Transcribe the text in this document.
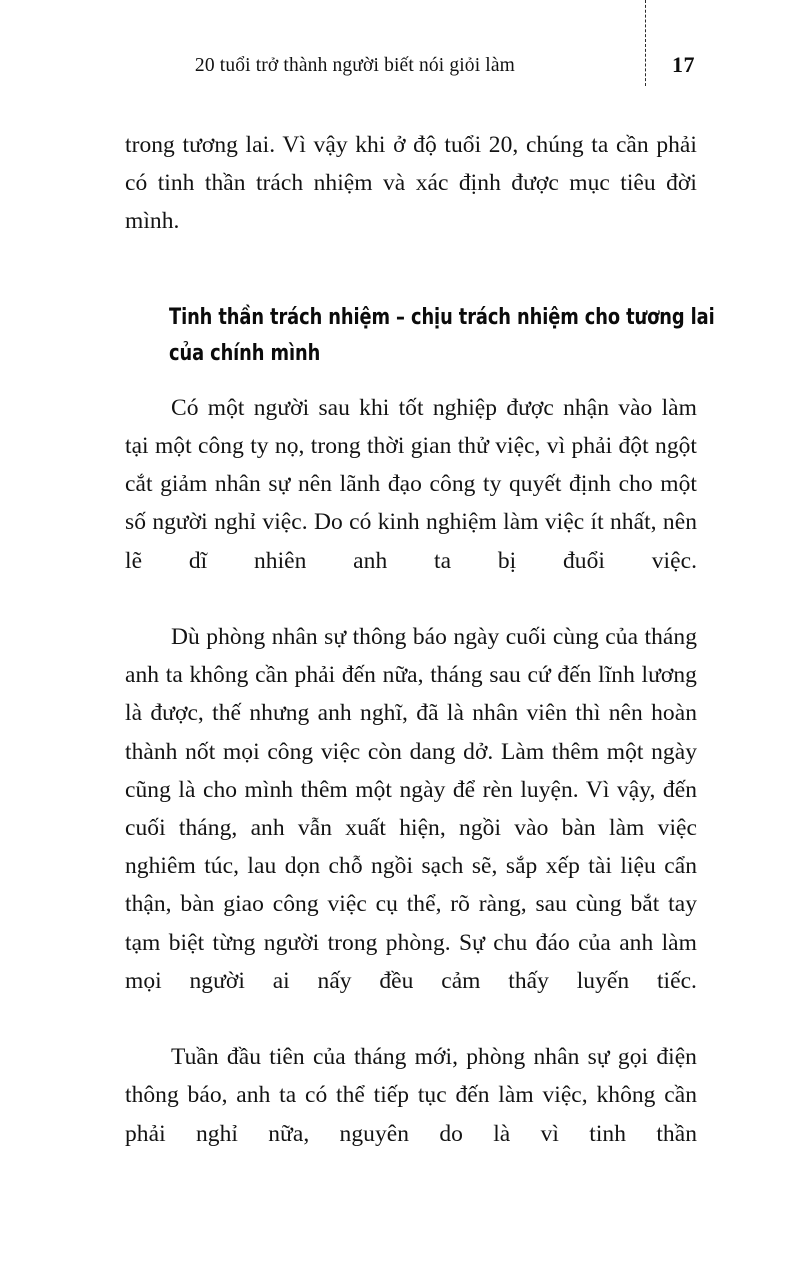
20 tuổi trở thành người biết nói giỏi làm	17

trong tương lai. Vì vậy khi ở độ tuổi 20, chúng ta cần phải có tinh thần trách nhiệm và xác định được mục tiêu đời mình.

Tinh thần trách nhiệm – chịu trách nhiệm cho tương lai của chính mình

Có một người sau khi tốt nghiệp được nhận vào làm tại một công ty nọ, trong thời gian thử việc, vì phải đột ngột cắt giảm nhân sự nên lãnh đạo công ty quyết định cho một số người nghỉ việc. Do có kinh nghiệm làm việc ít nhất, nên lẽ dĩ nhiên anh ta bị đuổi việc.

Dù phòng nhân sự thông báo ngày cuối cùng của tháng anh ta không cần phải đến nữa, tháng sau cứ đến lĩnh lương là được, thế nhưng anh nghĩ, đã là nhân viên thì nên hoàn thành nốt mọi công việc còn dang dở. Làm thêm một ngày cũng là cho mình thêm một ngày để rèn luyện. Vì vậy, đến cuối tháng, anh vẫn xuất hiện, ngồi vào bàn làm việc nghiêm túc, lau dọn chỗ ngồi sạch sẽ, sắp xếp tài liệu cẩn thận, bàn giao công việc cụ thể, rõ ràng, sau cùng bắt tay tạm biệt từng người trong phòng. Sự chu đáo của anh làm mọi người ai nấy đều cảm thấy luyến tiếc.

Tuần đầu tiên của tháng mới, phòng nhân sự gọi điện thông báo, anh ta có thể tiếp tục đến làm việc, không cần phải nghỉ nữa, nguyên do là vì tinh thần
